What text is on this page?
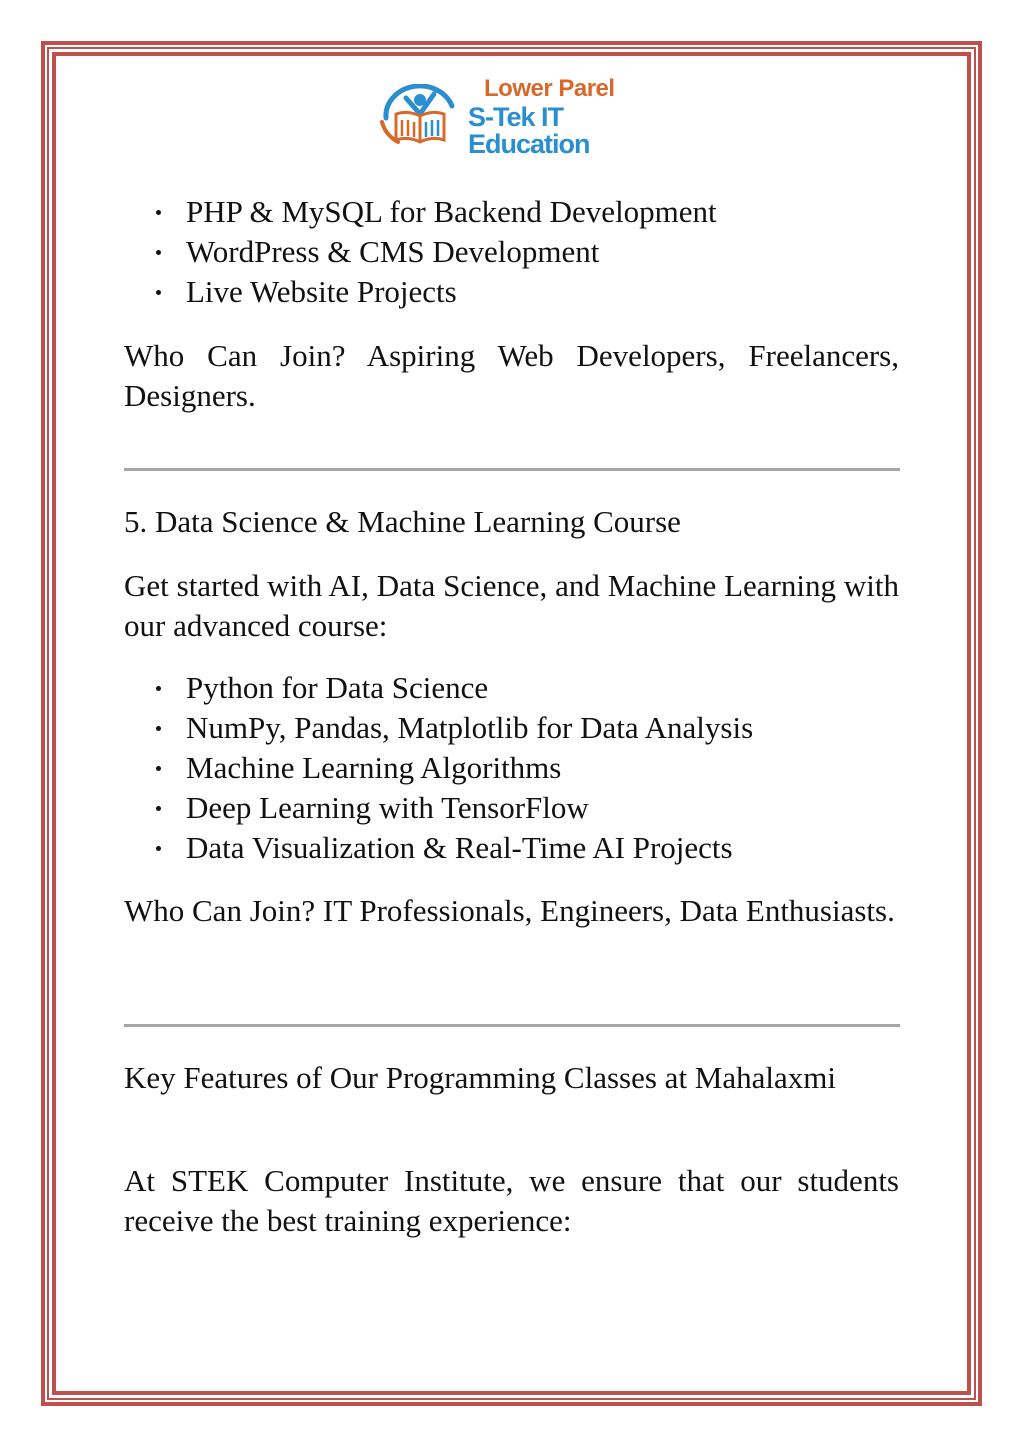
Lower Parel
S-Tek IT Education
PHP & MySQL for Backend Development
WordPress & CMS Development
Live Website Projects

Who Can Join? Aspiring Web Developers, Freelancers, Designers.

5. Data Science & Machine Learning Course

Get started with AI, Data Science, and Machine Learning with our advanced course:

Python for Data Science
NumPy, Pandas, Matplotlib for Data Analysis
Machine Learning Algorithms
Deep Learning with TensorFlow
Data Visualization & Real-Time AI Projects

Who Can Join? IT Professionals, Engineers, Data Enthusiasts.

Key Features of Our Programming Classes at Mahalaxmi

At STEK Computer Institute, we ensure that our students receive the best training experience:
